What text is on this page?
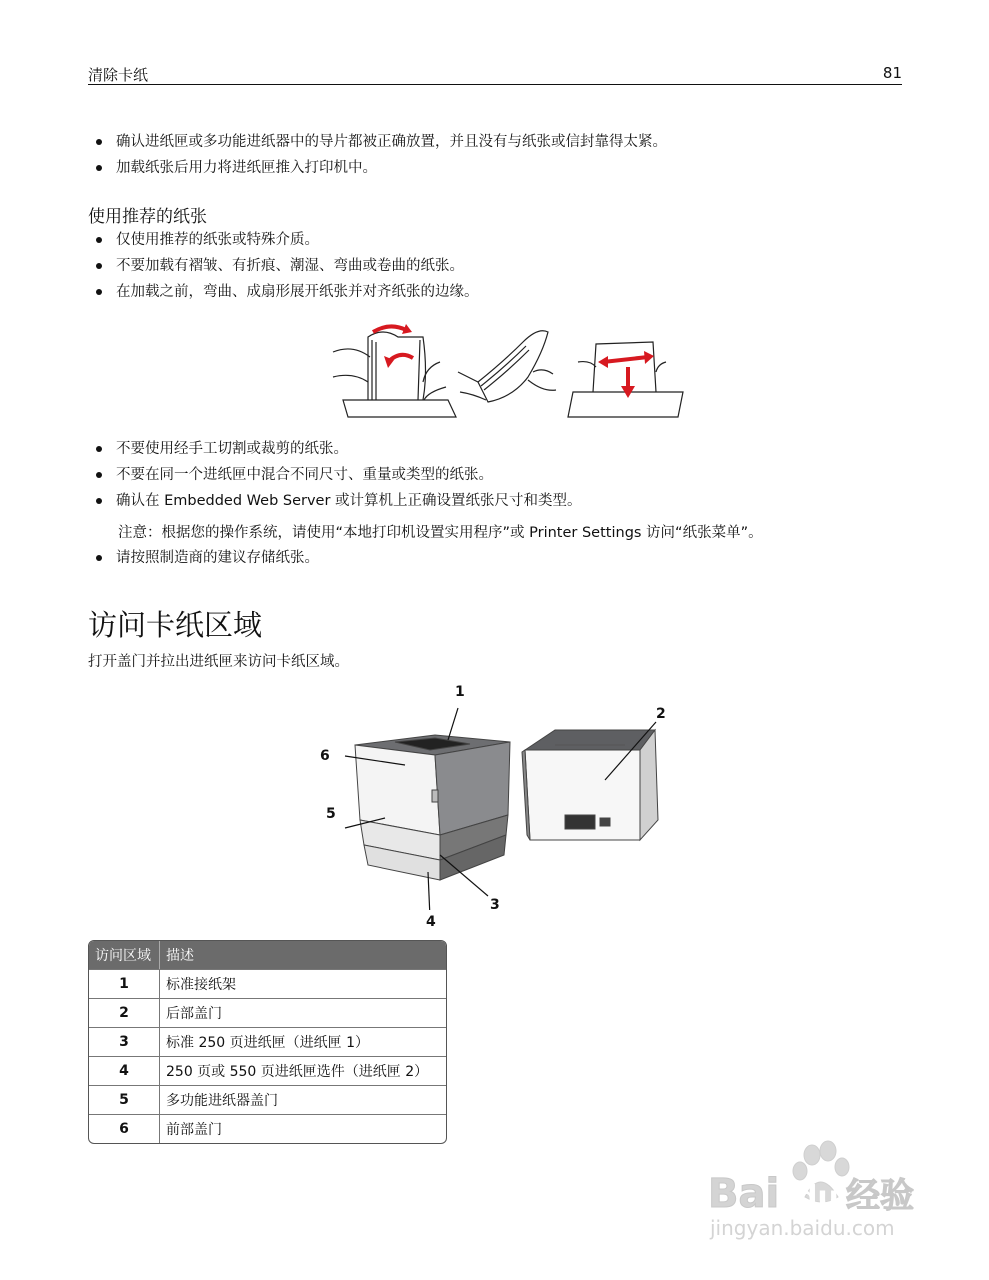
清除卡纸	81
确认进纸匣或多功能进纸器中的导片都被正确放置，并且没有与纸张或信封靠得太紧。
加载纸张后用力将进纸匣推入打印机中。
使用推荐的纸张
仅使用推荐的纸张或特殊介质。
不要加载有褶皱、有折痕、潮湿、弯曲或卷曲的纸张。
在加载之前，弯曲、成扇形展开纸张并对齐纸张的边缘。
不要使用经手工切割或裁剪的纸张。
不要在同一个进纸匣中混合不同尺寸、重量或类型的纸张。
确认在 Embedded Web Server 或计算机上正确设置纸张尺寸和类型。
注意：根据您的操作系统，请使用“本地打印机设置实用程序”或 Printer Settings 访问“纸张菜单”。
请按照制造商的建议存储纸张。
访问卡纸区域
打开盖门并拉出进纸匣来访问卡纸区域。
1
2
3
4
5
6
访问区域	描述
1	标准接纸架
2	后部盖门
3	标准 250 页进纸匣（进纸匣 1）
4	250 页或 550 页进纸匣选件（进纸匣 2）
5	多功能进纸器盖门
6	前部盖门
Bai du 经验
jingyan.baidu.com
